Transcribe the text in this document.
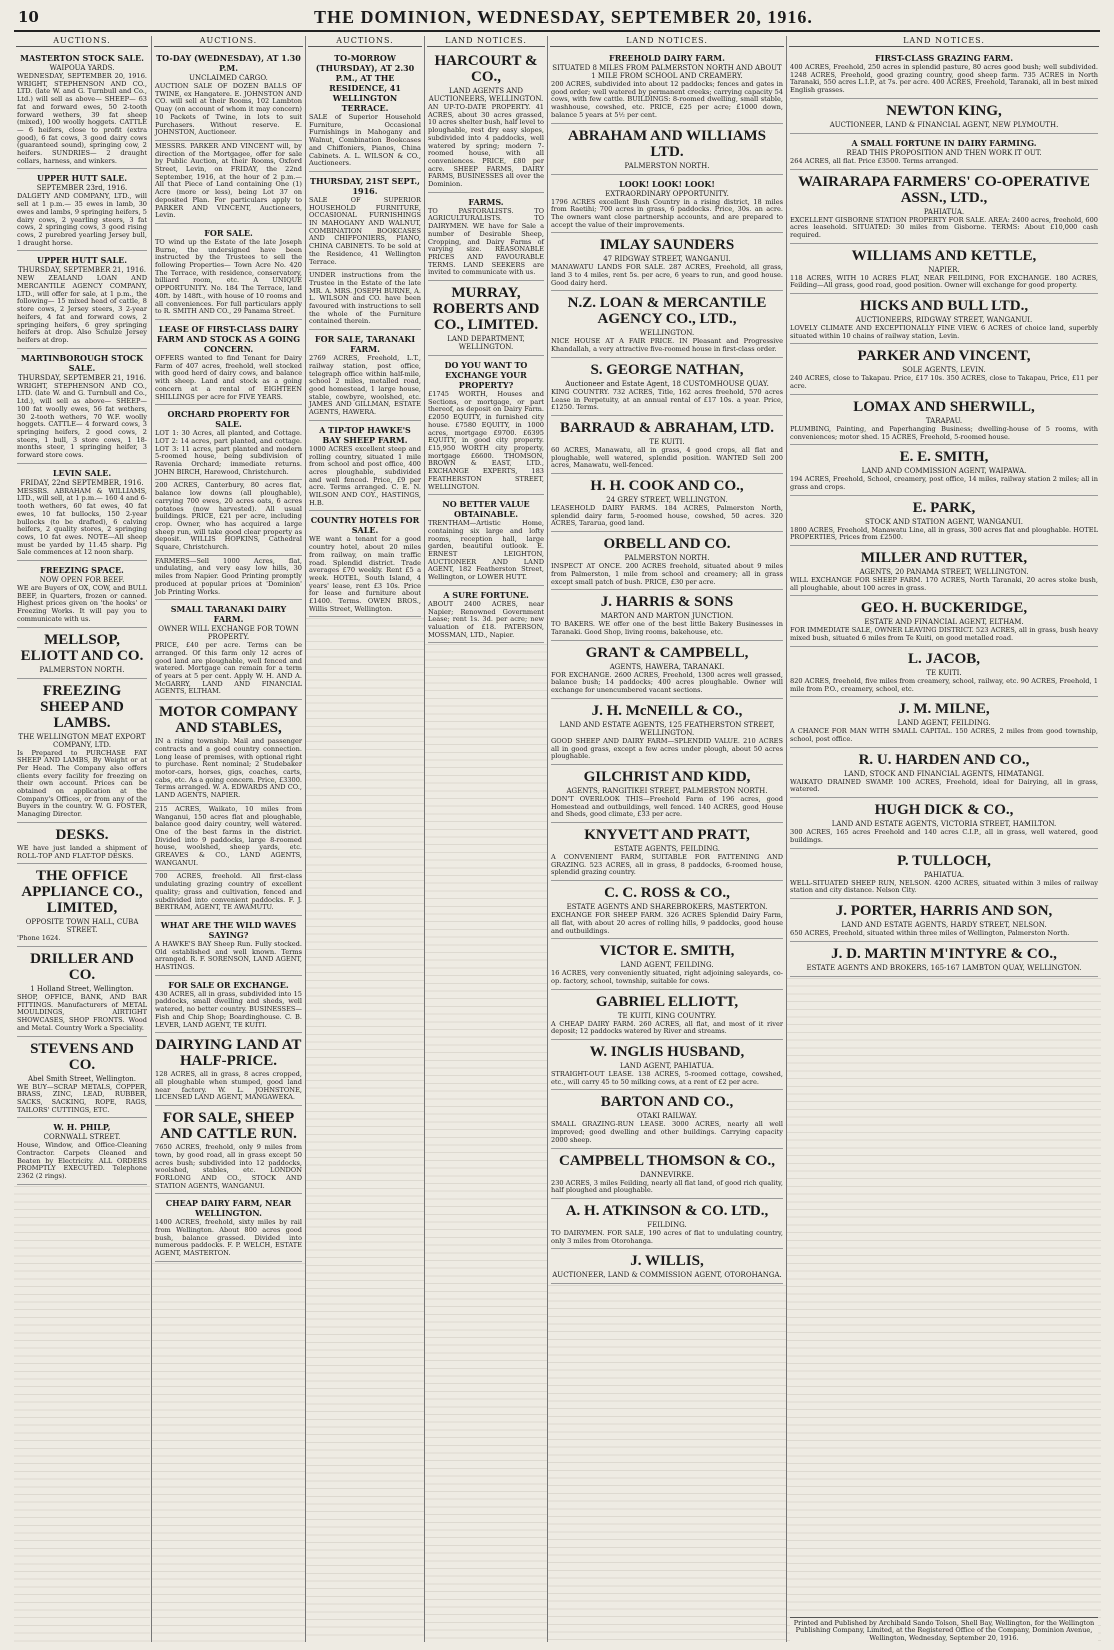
10	THE DOMINION, WEDNESDAY, SEPTEMBER 20, 1916.
AUCTIONS.
MASTERTON STOCK SALE.
WAIPOUA YARDS.
WEDNESDAY, SEPTEMBER 20, 1916. WRIGHT, STEPHENSON AND CO., LTD. (late W. and G. Turnbull and Co., Ltd.) will sell as above— SHEEP— 63 fat and forward ewes, 50 2-tooth forward wethers, 39 fat sheep (mixed), 100 woolly hoggets. CATTLE— 6 heifers, close to profit (extra good), 6 fat cows, 3 good dairy cows (guaranteed sound), springing cow, 2 heifers. SUNDRIES— 2 draught collars, harness, and winkers.
UPPER HUTT SALE.
SEPTEMBER 23rd, 1916.
DALGETY AND COMPANY, LTD., will sell at 1 p.m.— 35 ewes in lamb, 30 ewes and lambs, 9 springing heifers, 5 dairy cows, 2 yearling steers, 3 fat cows, 2 springing cows, 3 good rising cows, 2 purebred yearling Jersey bull, 1 draught horse.
UPPER HUTT SALE.
THURSDAY, SEPTEMBER 21, 1916.
NEW ZEALAND LOAN AND MERCANTILE AGENCY COMPANY, LTD., will offer for sale, at 1 p.m., the following— 15 mixed head of cattle, 8 store cows, 2 Jersey steers, 3 2-year heifers, 4 fat and forward cows, 2 springing heifers, 6 grey springing heifers at drop. Also Schulze Jersey heifers at drop.
MARTINBOROUGH STOCK SALE.
THURSDAY, SEPTEMBER 21, 1916.
WRIGHT, STEPHENSON AND CO., LTD. (late W. and G. Turnbull and Co., Ltd.), will sell as above— SHEEP— 100 fat woolly ewes, 56 fat wethers, 30 2-tooth wethers, 70 W.F. woolly hoggets. CATTLE— 4 forward cows, 3 springing heifers, 2 good cows, 2 steers, 1 bull, 3 store cows, 1 18-months steer, 1 springing heifer, 3 forward store cows.
LEVIN SALE.
FRIDAY, 22nd SEPTEMBER, 1916.
MESSRS. ABRAHAM & WILLIAMS, LTD., will sell, at 1 p.m.— 160 4 and 6-tooth wethers, 60 fat ewes, 40 fat ewes, 10 fat bullocks, 150 2-year bullocks (to be drafted), 6 calving heifers, 2 quality stores, 2 springing cows, 10 fat ewes. NOTE—All sheep must be yarded by 11.45 sharp. Pig Sale commences at 12 noon sharp.
FREEZING SPACE.
NOW OPEN FOR BEEF.
WE are Buyers of OX, COW, and BULL BEEF, in Quarters, frozen or canned. Highest prices given on 'the hooks' or Freezing Works. It will pay you to communicate with us.
MELLSOP, ELIOTT AND CO.
PALMERSTON NORTH.
FREEZING SHEEP AND LAMBS.
THE WELLINGTON MEAT EXPORT COMPANY, LTD.
Is Prepared to PURCHASE FAT SHEEP AND LAMBS, By Weight or at Per Head. The Company also offers clients every facility for freezing on their own account. Prices can be obtained on application at the Company's Offices, or from any of the Buyers in the country. W. G. FOSTER, Managing Director.
DESKS.
WE have just landed a shipment of ROLL-TOP AND FLAT-TOP DESKS.
THE OFFICE APPLIANCE CO., LIMITED,
OPPOSITE TOWN HALL, CUBA STREET.
'Phone 1624.
DRILLER AND CO.
1 Holland Street, Wellington.
SHOP, OFFICE, BANK, AND BAR FITTINGS. Manufacturers of METAL MOULDINGS, AIRTIGHT SHOWCASES, SHOP FRONTS. Wood and Metal. Country Work a Speciality.
STEVENS AND CO.
Abel Smith Street, Wellington.
WE BUY—SCRAP METALS, COPPER, BRASS, ZINC, LEAD, RUBBER, SACKS, SACKING, ROPE, RAGS, TAILORS' CUTTINGS, ETC.
W. H. PHILP,
CORNWALL STREET.
House, Window, and Office-Cleaning Contractor. Carpets Cleaned and Beaten by Electricity. ALL ORDERS PROMPTLY EXECUTED. Telephone 2362 (2 rings).
AUCTIONS.
TO-DAY (WEDNESDAY), AT 1.30 P.M.
UNCLAIMED CARGO.
AUCTION SALE OF DOZEN BALLS OF TWINE, ex Hangatere. E. JOHNSTON AND CO. will sell at their Rooms, 102 Lambton Quay (on account of whom it may concern) 10 Packets of Twine, in lots to suit Purchasers. Without reserve. E. JOHNSTON, Auctioneer.
MESSRS. PARKER AND VINCENT will, by direction of the Mortgagee, offer for sale by Public Auction, at their Rooms, Oxford Street, Levin, on FRIDAY, the 22nd September, 1916, at the hour of 2 p.m.— All that Piece of Land containing One (1) Acre (more or less), being Lot 37 on deposited Plan. For particulars apply to PARKER AND VINCENT, Auctioneers, Levin.
FOR SALE.
TO wind up the Estate of the late Joseph Burne, the undersigned have been instructed by the Trustees to sell the following Properties— Town Acre No. 420 The Terrace, with residence, conservatory, billiard room, etc. A UNIQUE OPPORTUNITY. No. 184 The Terrace, land 40ft. by 148ft., with house of 10 rooms and all conveniences. For full particulars apply to R. SMITH AND CO., 29 Panama Street.
LEASE OF FIRST-CLASS DAIRY FARM AND STOCK AS A GOING CONCERN.
OFFERS wanted to find Tenant for Dairy Farm of 407 acres, freehold, well stocked with good herd of dairy cows, and balance with sheep. Land and stock as a going concern at a rental of EIGHTEEN SHILLINGS per acre for FIVE YEARS.
ORCHARD PROPERTY FOR SALE.
LOT 1: 30 Acres, all planted, and Cottage. LOT 2: 14 acres, part planted, and cottage. LOT 3: 11 acres, part planted and modern 5-roomed house, being subdivision of Ravenia Orchard; immediate returns. JOHN BIRCH, Harewood, Christchurch.
200 ACRES, Canterbury, 80 acres flat, balance low downs (all ploughable), carrying 700 ewes, 20 acres oats, 6 acres potatoes (now harvested). All usual buildings. PRICE, £21 per acre, including crop. Owner, who has acquired a large sheep run, will take good clear property as deposit. WILLIS HOPKINS, Cathedral Square, Christchurch.
FARMERS—Sell 1000 Acres, flat, undulating, and very easy low hills, 30 miles from Napier. Good Printing promptly produced at popular prices at 'Dominion' Job Printing Works.
SMALL TARANAKI DAIRY FARM.
OWNER WILL EXCHANGE FOR TOWN PROPERTY.
PRICE, £40 per acre. Terms can be arranged. Of this farm only 12 acres of good land are ploughable, well fenced and watered. Mortgage can remain for a term of years at 5 per cent. Apply W. H. AND A. McGARRY, LAND AND FINANCIAL AGENTS, ELTHAM.
MOTOR COMPANY AND STABLES,
IN a rising township. Mail and passenger contracts and a good country connection. Long lease of premises, with optional right to purchase. Rent nominal; 2 Studebaker motor-cars, horses, gigs, coaches, carts, cabs, etc. As a going concern. Price, £3300. Terms arranged. W. A. EDWARDS AND CO., LAND AGENTS, NAPIER.
215 ACRES, Waikato, 10 miles from Wanganui, 150 acres flat and ploughable, balance good dairy country, well watered. One of the best farms in the district. Divided into 9 paddocks, large 8-roomed house, woolshed, sheep yards, etc. GREAVES & CO., LAND AGENTS, WANGANUI.
700 ACRES, freehold. All first-class undulating grazing country of excellent quality; grass and cultivation, fenced and subdivided into convenient paddocks. F. J. BERTRAM, AGENT, TE AWAMUTU.
WHAT ARE THE WILD WAVES SAYING?
A HAWKE'S BAY Sheep Run. Fully stocked. Old established and well known. Terms arranged. R. F. SORENSON, LAND AGENT, HASTINGS.
FOR SALE OR EXCHANGE.
430 ACRES, all in grass, subdivided into 15 paddocks, small dwelling and sheds, well watered, no better country. BUSINESSES—Fish and Chip Shop; Boardinghouse. C. B. LEVER, LAND AGENT, TE KUITI.
DAIRYING LAND AT HALF-PRICE.
128 ACRES, all in grass, 8 acres cropped, all ploughable when stumped, good land near factory. W. L. JOHNSTONE, LICENSED LAND AGENT, MANGAWEKA.
FOR SALE, SHEEP AND CATTLE RUN.
7650 ACRES, freehold, only 9 miles from town, by good road, all in grass except 50 acres bush; subdivided into 12 paddocks, woolshed, stables, etc. LONDON FORLONG AND CO., STOCK AND STATION AGENTS, WANGANUI.
CHEAP DAIRY FARM, NEAR WELLINGTON.
1400 ACRES, freehold, sixty miles by rail from Wellington. About 800 acres good bush, balance grassed. Divided into numerous paddocks. F. P. WELCH, ESTATE AGENT, MASTERTON.
AUCTIONS.
TO-MORROW (THURSDAY), AT 2.30 P.M., AT THE RESIDENCE, 41 WELLINGTON TERRACE.
SALE of Superior Household Furniture, Occasional Furnishings in Mahogany and Walnut, Combination Bookcases and Chiffoniers, Pianos, China Cabinets. A. L. WILSON & CO., Auctioneers.
THURSDAY, 21ST SEPT., 1916.
SALE OF SUPERIOR HOUSEHOLD FURNITURE, OCCASIONAL FURNISHINGS IN MAHOGANY AND WALNUT, COMBINATION BOOKCASES AND CHIFFONIERS, PIANO, CHINA CABINETS. To be sold at the Residence, 41 Wellington Terrace.
UNDER instructions from the Trustee in the Estate of the late MR. A. MRS. JOSEPH BURNE, A. L. WILSON and CO. have been favoured with instructions to sell the whole of the Furniture contained therein.
FOR SALE, TARANAKI FARM.
2769 ACRES, Freehold, L.T., railway station, post office, telegraph office within half-mile, school 2 miles, metalled road, good homestead, 1 large house, stable, cowbyre, woolshed, etc. JAMES AND GILLMAN, ESTATE AGENTS, HAWERA.
A TIP-TOP HAWKE'S BAY SHEEP FARM.
1000 ACRES excellent steep and rolling country, situated 1 mile from school and post office, 400 acres ploughable, subdivided and well fenced. Price, £9 per acre. Terms arranged. C. E. N. WILSON AND COY., HASTINGS, H.B.
COUNTRY HOTELS FOR SALE.
WE want a tenant for a good country hotel, about 20 miles from railway, on main traffic road. Splendid district. Trade averages £70 weekly. Rent £5 a week. HOTEL, South Island, 4 years' lease, rent £3 10s. Price for lease and furniture about £1400. Terms. OWEN BROS., Willis Street, Wellington.
LAND NOTICES.
HARCOURT & CO.,
LAND AGENTS AND AUCTIONEERS, WELLINGTON.
AN UP-TO-DATE PROPERTY. 41 ACRES, about 30 acres grassed, 10 acres shelter bush, half level to ploughable, rest dry easy slopes, subdivided into 4 paddocks, well watered by spring; modern 7-roomed house, with all conveniences. PRICE, £80 per acre. SHEEP FARMS, DAIRY FARMS, BUSINESSES all over the Dominion.
FARMS.
TO PASTORALISTS. TO AGRICULTURALISTS. TO DAIRYMEN. WE have for Sale a number of Desirable Sheep, Cropping, and Dairy Farms of varying size. REASONABLE PRICES AND FAVOURABLE TERMS. LAND SEEKERS are invited to communicate with us.
MURRAY, ROBERTS AND CO., LIMITED.
LAND DEPARTMENT, WELLINGTON.
DO YOU WANT TO EXCHANGE YOUR PROPERTY?
£1745 WORTH, Houses and Sections, or mortgage, or part thereof, as deposit on Dairy Farm. £2050 EQUITY, in furnished city house. £7580 EQUITY, in 1000 acres, mortgage £9700. £6395 EQUITY, in good city property. £15,950 WORTH city property, mortgage £6600. THOMSON, BROWN & EAST, LTD., EXCHANGE EXPERTS, 183 FEATHERSTON STREET, WELLINGTON.
NO BETTER VALUE OBTAINABLE.
TRENTHAM—Artistic Home, containing six large and lofty rooms, reception hall, large garden, beautiful outlook. E. ERNEST LEIGHTON, AUCTIONEER AND LAND AGENT, 182 Featherston Street, Wellington, or LOWER HUTT.
A SURE FORTUNE.
ABOUT 2400 ACRES, near Napier; Renowned Government Lease; rent 1s. 3d. per acre; new valuation of £18. PATERSON, MOSSMAN, LTD., Napier.
LAND NOTICES.
FREEHOLD DAIRY FARM.
SITUATED 8 MILES FROM PALMERSTON NORTH AND ABOUT 1 MILE FROM SCHOOL AND CREAMERY.
200 ACRES, subdivided into about 12 paddocks; fences and gates in good order; well watered by permanent creeks; carrying capacity 54 cows, with few cattle. BUILDINGS: 8-roomed dwelling, small stable, washhouse, cowshed, etc. PRICE, £25 per acre; £1000 down, balance 5 years at 5½ per cent.
ABRAHAM AND WILLIAMS LTD.
PALMERSTON NORTH.
LOOK! LOOK! LOOK!
EXTRAORDINARY OPPORTUNITY.
1796 ACRES excellent Bush Country in a rising district, 18 miles from Raetihi; 700 acres in grass, 6 paddocks. Price, 30s. an acre. The owners want close partnership accounts, and are prepared to accept the value of their improvements.
IMLAY SAUNDERS
47 RIDGWAY STREET, WANGANUI.
MANAWATU LANDS FOR SALE. 287 ACRES, Freehold, all grass, land 3 to 4 miles, rent 5s. per acre, 6 years to run, and good house. Good dairy herd.
N.Z. LOAN & MERCANTILE AGENCY CO., LTD.,
WELLINGTON.
NICE HOUSE AT A FAIR PRICE. IN Pleasant and Progressive Khandallah, a very attractive five-roomed house in first-class order.
S. GEORGE NATHAN,
Auctioneer and Estate Agent, 18 CUSTOMHOUSE QUAY.
KING COUNTRY. 732 ACRES, Title, 162 acres freehold, 570 acres Lease in Perpetuity, at an annual rental of £17 10s. a year. Price, £1250. Terms.
BARRAUD & ABRAHAM, LTD.
TE KUITI.
60 ACRES, Manawatu, all in grass, 4 good crops, all flat and ploughable, well watered, splendid position. WANTED Sell 200 acres, Manawatu, well-fenced.
H. H. COOK AND CO.,
24 GREY STREET, WELLINGTON.
LEASEHOLD DAIRY FARMS. 184 ACRES, Palmerston North, splendid dairy farm, 5-roomed house, cowshed, 50 acres. 320 ACRES, Tararua, good land.
ORBELL AND CO.
PALMERSTON NORTH.
INSPECT AT ONCE. 200 ACRES freehold, situated about 9 miles from Palmerston, 1 mile from school and creamery; all in grass except small patch of bush. PRICE, £30 per acre.
J. HARRIS & SONS
MARTON AND MARTON JUNCTION.
TO BAKERS. WE offer one of the best little Bakery Businesses in Taranaki. Good Shop, living rooms, bakehouse, etc.
GRANT & CAMPBELL,
AGENTS, HAWERA, TARANAKI.
FOR EXCHANGE. 2600 ACRES, Freehold, 1300 acres well grassed, balance bush; 14 paddocks; 400 acres ploughable. Owner will exchange for unencumbered vacant sections.
J. H. McNEILL & CO.,
LAND AND ESTATE AGENTS, 125 FEATHERSTON STREET, WELLINGTON.
GOOD SHEEP AND DAIRY FARM—SPLENDID VALUE. 210 ACRES all in good grass, except a few acres under plough, about 50 acres ploughable.
GILCHRIST AND KIDD,
AGENTS, RANGITIKEI STREET, PALMERSTON NORTH.
DON'T OVERLOOK THIS—Freehold Farm of 196 acres, good Homestead and outbuildings, well fenced. 140 ACRES, good House and Sheds, good climate, £33 per acre.
KNYVETT AND PRATT,
ESTATE AGENTS, FEILDING.
A CONVENIENT FARM, SUITABLE FOR FATTENING AND GRAZING. 523 ACRES, all in grass, 8 paddocks, 6-roomed house, splendid grazing country.
C. C. ROSS & CO.,
ESTATE AGENTS AND SHAREBROKERS, MASTERTON.
EXCHANGE FOR SHEEP FARM. 326 ACRES Splendid Dairy Farm, all flat, with about 20 acres of rolling hills, 9 paddocks, good house and outbuildings.
VICTOR E. SMITH,
LAND AGENT, FEILDING.
16 ACRES, very conveniently situated, right adjoining saleyards, co-op. factory, school, township, suitable for cows.
GABRIEL ELLIOTT,
TE KUITI, KING COUNTRY.
A CHEAP DAIRY FARM. 260 ACRES, all flat, and most of it river deposit; 12 paddocks watered by River and streams.
W. INGLIS HUSBAND,
LAND AGENT, PAHIATUA.
STRAIGHT-OUT LEASE. 138 ACRES, 5-roomed cottage, cowshed, etc., will carry 45 to 50 milking cows, at a rent of £2 per acre.
BARTON AND CO.,
OTAKI RAILWAY.
SMALL GRAZING-RUN LEASE. 3000 ACRES, nearly all well improved; good dwelling and other buildings. Carrying capacity 2000 sheep.
CAMPBELL THOMSON & CO.,
DANNEVIRKE.
230 ACRES, 3 miles Feilding, nearly all flat land, of good rich quality, half ploughed and ploughable.
A. H. ATKINSON & CO. LTD.,
FEILDING.
TO DAIRYMEN. FOR SALE, 190 acres of flat to undulating country, only 3 miles from Otorohanga.
J. WILLIS,
AUCTIONEER, LAND & COMMISSION AGENT, OTOROHANGA.
LAND NOTICES.
FIRST-CLASS GRAZING FARM.
400 ACRES, Freehold, 250 acres in splendid pasture, 80 acres good bush; well subdivided. 1248 ACRES, Freehold, good grazing country, good sheep farm. 735 ACRES in North Taranaki, 550 acres L.I.P., at 7s. per acre. 400 ACRES, Freehold, Taranaki, all in best mixed English grasses.
NEWTON KING,
AUCTIONEER, LAND & FINANCIAL AGENT, NEW PLYMOUTH.
A SMALL FORTUNE IN DAIRY FARMING.
READ THIS PROPOSITION AND THEN WORK IT OUT.
264 ACRES, all flat. Price £3500. Terms arranged.
WAIRARAPA FARMERS' CO-OPERATIVE ASSN., LTD.,
PAHIATUA.
EXCELLENT GISBORNE STATION PROPERTY FOR SALE. AREA: 2400 acres, freehold, 600 acres leasehold. SITUATED: 30 miles from Gisborne. TERMS: About £10,000 cash required.
WILLIAMS AND KETTLE,
NAPIER.
118 ACRES, WITH 10 ACRES FLAT, NEAR FEILDING, FOR EXCHANGE. 180 ACRES, Feilding—All grass, good road, good position. Owner will exchange for good property.
HICKS AND BULL LTD.,
AUCTIONEERS, RIDGWAY STREET, WANGANUI.
LOVELY CLIMATE AND EXCEPTIONALLY FINE VIEW. 6 ACRES of choice land, superbly situated within 10 chains of railway station, Levin.
PARKER AND VINCENT,
SOLE AGENTS, LEVIN.
240 ACRES, close to Takapau. Price, £17 10s. 350 ACRES, close to Takapau, Price, £11 per acre.
LOMAX AND SHERWILL,
TARAPAU.
PLUMBING, Painting, and Paperhanging Business; dwelling-house of 5 rooms, with conveniences; motor shed. 15 ACRES, Freehold, 5-roomed house.
E. E. SMITH,
LAND AND COMMISSION AGENT, WAIPAWA.
194 ACRES, Freehold, School, creamery, post office, 14 miles, railway station 2 miles; all in grass and crops.
E. PARK,
STOCK AND STATION AGENT, WANGANUI.
1800 ACRES, Freehold, Manawatu Line, all in grass, 300 acres flat and ploughable. HOTEL PROPERTIES, Prices from £2500.
MILLER AND RUTTER,
AGENTS, 20 PANAMA STREET, WELLINGTON.
WILL EXCHANGE FOR SHEEP FARM. 170 ACRES, North Taranaki, 20 acres stoke bush, all ploughable, about 100 acres in grass.
GEO. H. BUCKERIDGE,
ESTATE AND FINANCIAL AGENT, ELTHAM.
FOR IMMEDIATE SALE, OWNER LEAVING DISTRICT. 523 ACRES, all in grass, bush heavy mixed bush, situated 6 miles from Te Kuiti, on good metalled road.
L. JACOB,
TE KUITI.
820 ACRES, freehold, five miles from creamery, school, railway, etc. 90 ACRES, Freehold, 1 mile from P.O., creamery, school, etc.
J. M. MILNE,
LAND AGENT, FEILDING.
A CHANCE FOR MAN WITH SMALL CAPITAL. 150 ACRES, 2 miles from good township, school, post office.
R. U. HARDEN AND CO.,
LAND, STOCK AND FINANCIAL AGENTS, HIMATANGI.
WAIKATO DRAINED SWAMP. 100 ACRES, Freehold, ideal for Dairying, all in grass, watered.
HUGH DICK & CO.,
LAND AND ESTATE AGENTS, VICTORIA STREET, HAMILTON.
300 ACRES, 165 acres Freehold and 140 acres C.I.P., all in grass, well watered, good buildings.
P. TULLOCH,
PAHIATUA.
WELL-SITUATED SHEEP RUN, NELSON. 4200 ACRES, situated within 3 miles of railway station and city distance. Nelson City.
J. PORTER, HARRIS AND SON,
LAND AND ESTATE AGENTS, HARDY STREET, NELSON.
650 ACRES, Freehold, situated within three miles of Wellington, Palmerston North.
J. D. MARTIN M'INTYRE & CO.,
ESTATE AGENTS AND BROKERS, 165-167 LAMBTON QUAY, WELLINGTON.
Printed and Published by Archibald Sando Tolson, Shell Bay, Wellington, for the Wellington Publishing Company, Limited, at the Registered Office of the Company, Dominion Avenue, Wellington, Wednesday, September 20, 1916.
